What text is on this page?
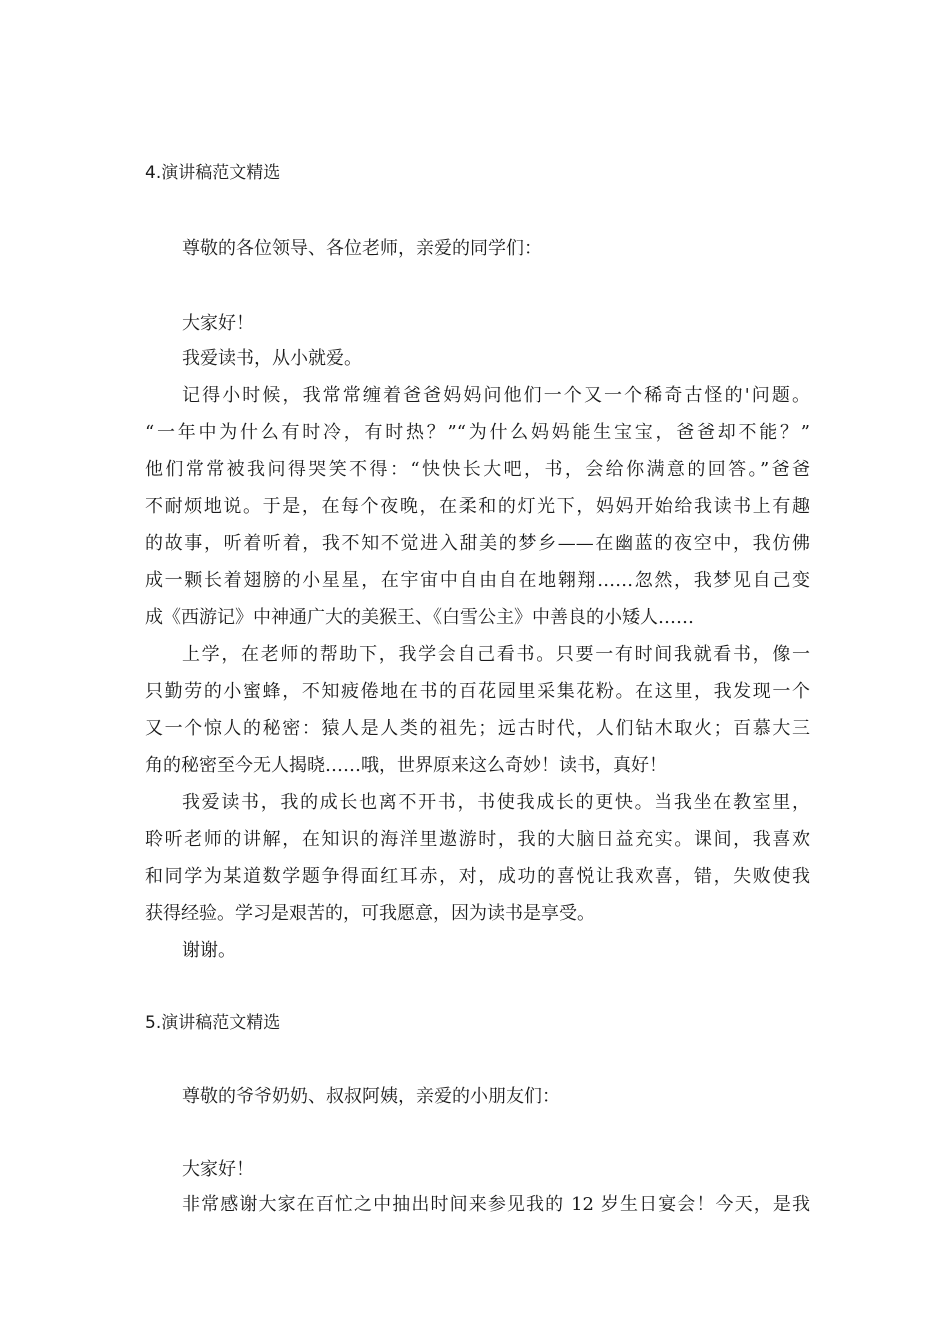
4.演讲稿范文精选
尊敬的各位领导、各位老师，亲爱的同学们：
大家好！
我爱读书，从小就爱。
记得小时候，我常常缠着爸爸妈妈问他们一个又一个稀奇古怪的'问题。
“一年中为什么有时冷，有时热？”“为什么妈妈能生宝宝，爸爸却不能？”
他们常常被我问得哭笑不得：“快快长大吧，书，会给你满意的回答。”爸爸
不耐烦地说。于是，在每个夜晚，在柔和的灯光下，妈妈开始给我读书上有趣
的故事，听着听着，我不知不觉进入甜美的梦乡——在幽蓝的夜空中，我仿佛
成一颗长着翅膀的小星星，在宇宙中自由自在地翱翔……忽然，我梦见自己变
成《西游记》中神通广大的美猴王、《白雪公主》中善良的小矮人……
上学，在老师的帮助下，我学会自己看书。只要一有时间我就看书，像一
只勤劳的小蜜蜂，不知疲倦地在书的百花园里采集花粉。在这里，我发现一个
又一个惊人的秘密：猿人是人类的祖先；远古时代，人们钻木取火；百慕大三
角的秘密至今无人揭晓……哦，世界原来这么奇妙！读书，真好！
我爱读书，我的成长也离不开书，书使我成长的更快。当我坐在教室里，
聆听老师的讲解，在知识的海洋里遨游时，我的大脑日益充实。课间，我喜欢
和同学为某道数学题争得面红耳赤，对，成功的喜悦让我欢喜，错，失败使我
获得经验。学习是艰苦的，可我愿意，因为读书是享受。
谢谢。
5.演讲稿范文精选
尊敬的爷爷奶奶、叔叔阿姨，亲爱的小朋友们：
大家好！
非常感谢大家在百忙之中抽出时间来参见我的 12 岁生日宴会！今天，是我
